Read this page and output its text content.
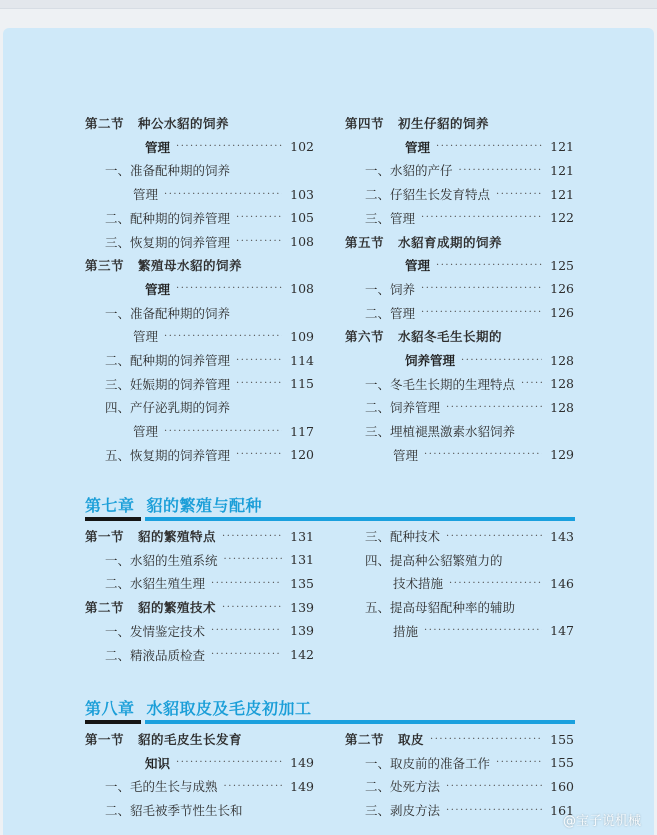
第二节 种公水貂的饲养
管理 ·····	102
一、准备配种期的饲养
管理 ·····	103
二、配种期的饲养管理 ·····	105
三、恢复期的饲养管理 ·····	108
第三节 繁殖母水貂的饲养
管理 ·····	108
一、准备配种期的饲养
管理 ·····	109
二、配种期的饲养管理 ·····	114
三、妊娠期的饲养管理 ·····	115
四、产仔泌乳期的饲养
管理 ·····	117
五、恢复期的饲养管理 ·····	120
第四节 初生仔貂的饲养
管理 ·····	121
一、水貂的产仔 ·····	121
二、仔貂生长发育特点 ·····	121
三、管理 ·····	122
第五节 水貂育成期的饲养
管理 ·····	125
一、饲养 ·····	126
二、管理 ·····	126
第六节 水貂冬毛生长期的
饲养管理 ·····	128
一、冬毛生长期的生理特点 ·····	128
二、饲养管理 ·····	128
三、埋植褪黑激素水貂饲养
管理 ·····	129
第七章 貂的繁殖与配种
第一节 貂的繁殖特点 ·····	131
一、水貂的生殖系统 ·····	131
二、水貂生殖生理 ·····	135
第二节 貂的繁殖技术 ·····	139
一、发情鉴定技术 ·····	139
二、精液品质检查 ·····	142
三、配种技术 ·····	143
四、提高种公貂繁殖力的
技术措施 ·····	146
五、提高母貂配种率的辅助
措施 ·····	147
第八章 水貂取皮及毛皮初加工
第一节 貂的毛皮生长发育
知识 ·····	149
一、毛的生长与成熟 ·····	149
二、貂毛被季节性生长和
第二节 取皮 ·····	155
一、取皮前的准备工作 ·····	155
二、处死方法 ·····	160
三、剥皮方法 ·····	161
@宝子说机械
